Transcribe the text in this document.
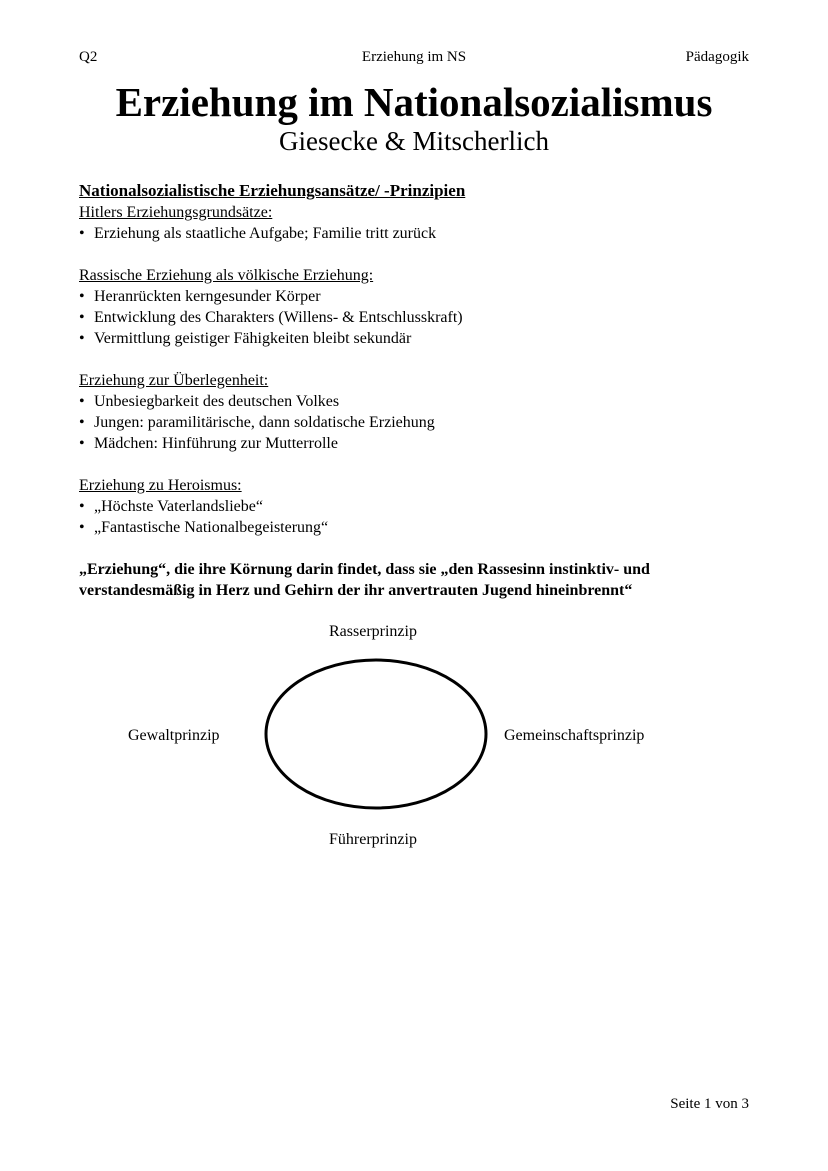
Q2	Erziehung im NS	Pädagogik
Erziehung im Nationalsozialismus
Giesecke & Mitscherlich
Nationalsozialistische Erziehungsansätze/ -Prinzipien
Hitlers Erziehungsgrundsätze:
• Erziehung als staatliche Aufgabe; Familie tritt zurück
Rassische Erziehung als völkische Erziehung:
• Heranrückten kerngesunder Körper
• Entwicklung des Charakters (Willens- & Entschlusskraft)
• Vermittlung geistiger Fähigkeiten bleibt sekundär
Erziehung zur Überlegenheit:
• Unbesiegbarkeit des deutschen Volkes
• Jungen: paramilitärische, dann soldatische Erziehung
• Mädchen: Hinführung zur Mutterrolle
Erziehung zu Heroismus:
• „Höchste Vaterlandsliebe“
• „Fantastische Nationalbegeisterung“
„Erziehung“, die ihre Körnung darin findet, dass sie „den Rassesinn instinktiv- und
verstandesmäßig in Herz und Gehirn der ihr anvertrauten Jugend hineinbrennt“
Rasserprinzip
Gewaltprinzip	Gemeinschaftsprinzip
Führerprinzip
Seite 1 von 3
